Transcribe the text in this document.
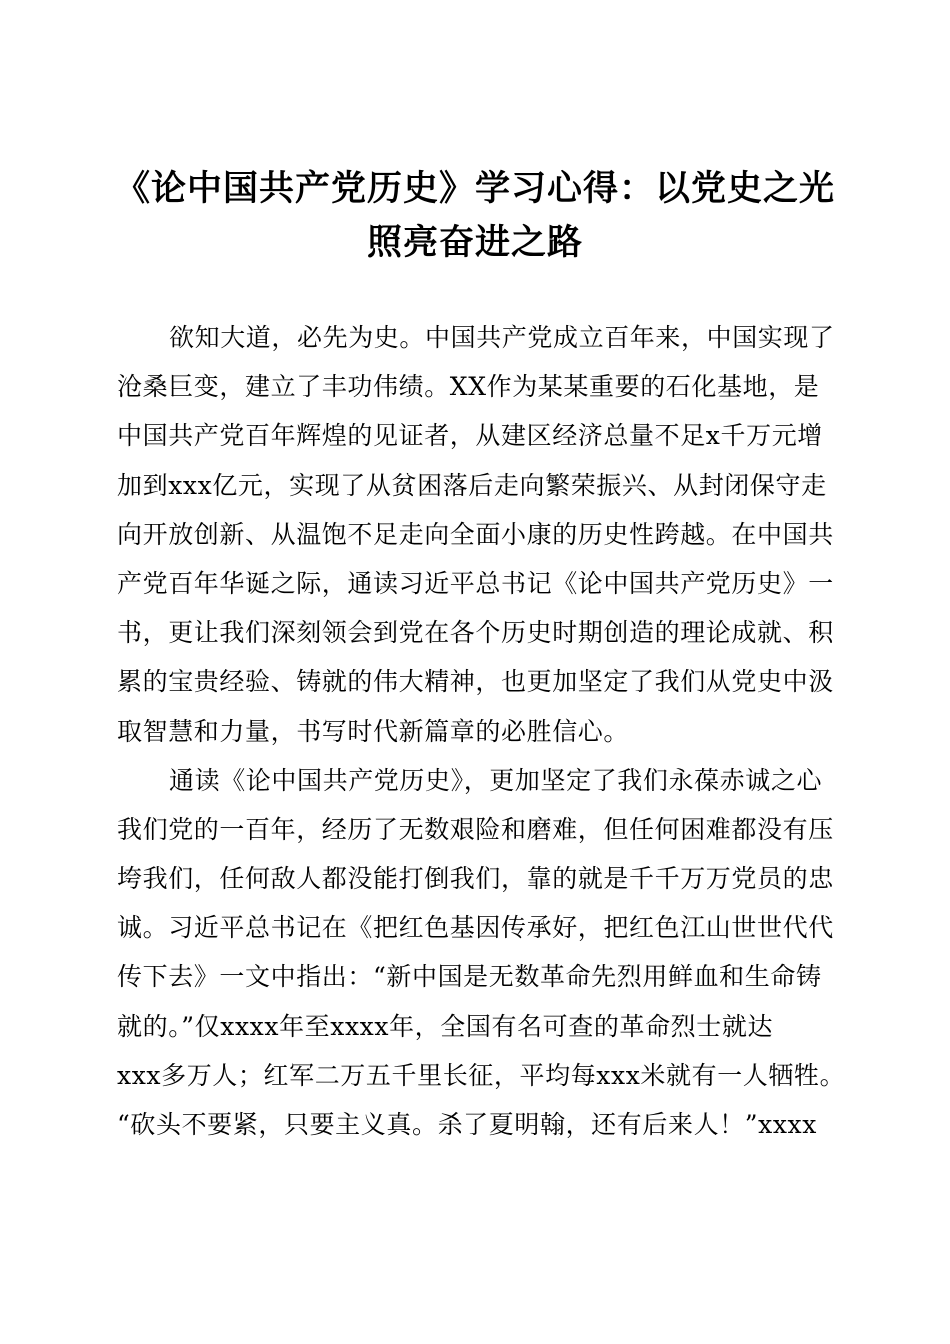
《论中国共产党历史》学习心得：以党史之光
照亮奋进之路
欲知大道，必先为史。中国共产党成立百年来，中国实现了
沧桑巨变，建立了丰功伟绩。XX作为某某重要的石化基地，是
中国共产党百年辉煌的见证者，从建区经济总量不足x千万元增
加到xxx亿元，实现了从贫困落后走向繁荣振兴、从封闭保守走
向开放创新、从温饱不足走向全面小康的历史性跨越。在中国共
产党百年华诞之际，通读习近平总书记《论中国共产党历史》一
书，更让我们深刻领会到党在各个历史时期创造的理论成就、积
累的宝贵经验、铸就的伟大精神，也更加坚定了我们从党史中汲
取智慧和力量，书写时代新篇章的必胜信心。
通读《论中国共产党历史》，更加坚定了我们永葆赤诚之心
我们党的一百年，经历了无数艰险和磨难，但任何困难都没有压
垮我们，任何敌人都没能打倒我们，靠的就是千千万万党员的忠
诚。习近平总书记在《把红色基因传承好，把红色江山世世代代
传下去》一文中指出：“新中国是无数革命先烈用鲜血和生命铸
就的。”仅xxxx年至xxxx年，全国有名可查的革命烈士就达
xxx多万人；红军二万五千里长征，平均每xxx米就有一人牺牲。
“砍头不要紧，只要主义真。杀了夏明翰，还有后来人！”xxxx
